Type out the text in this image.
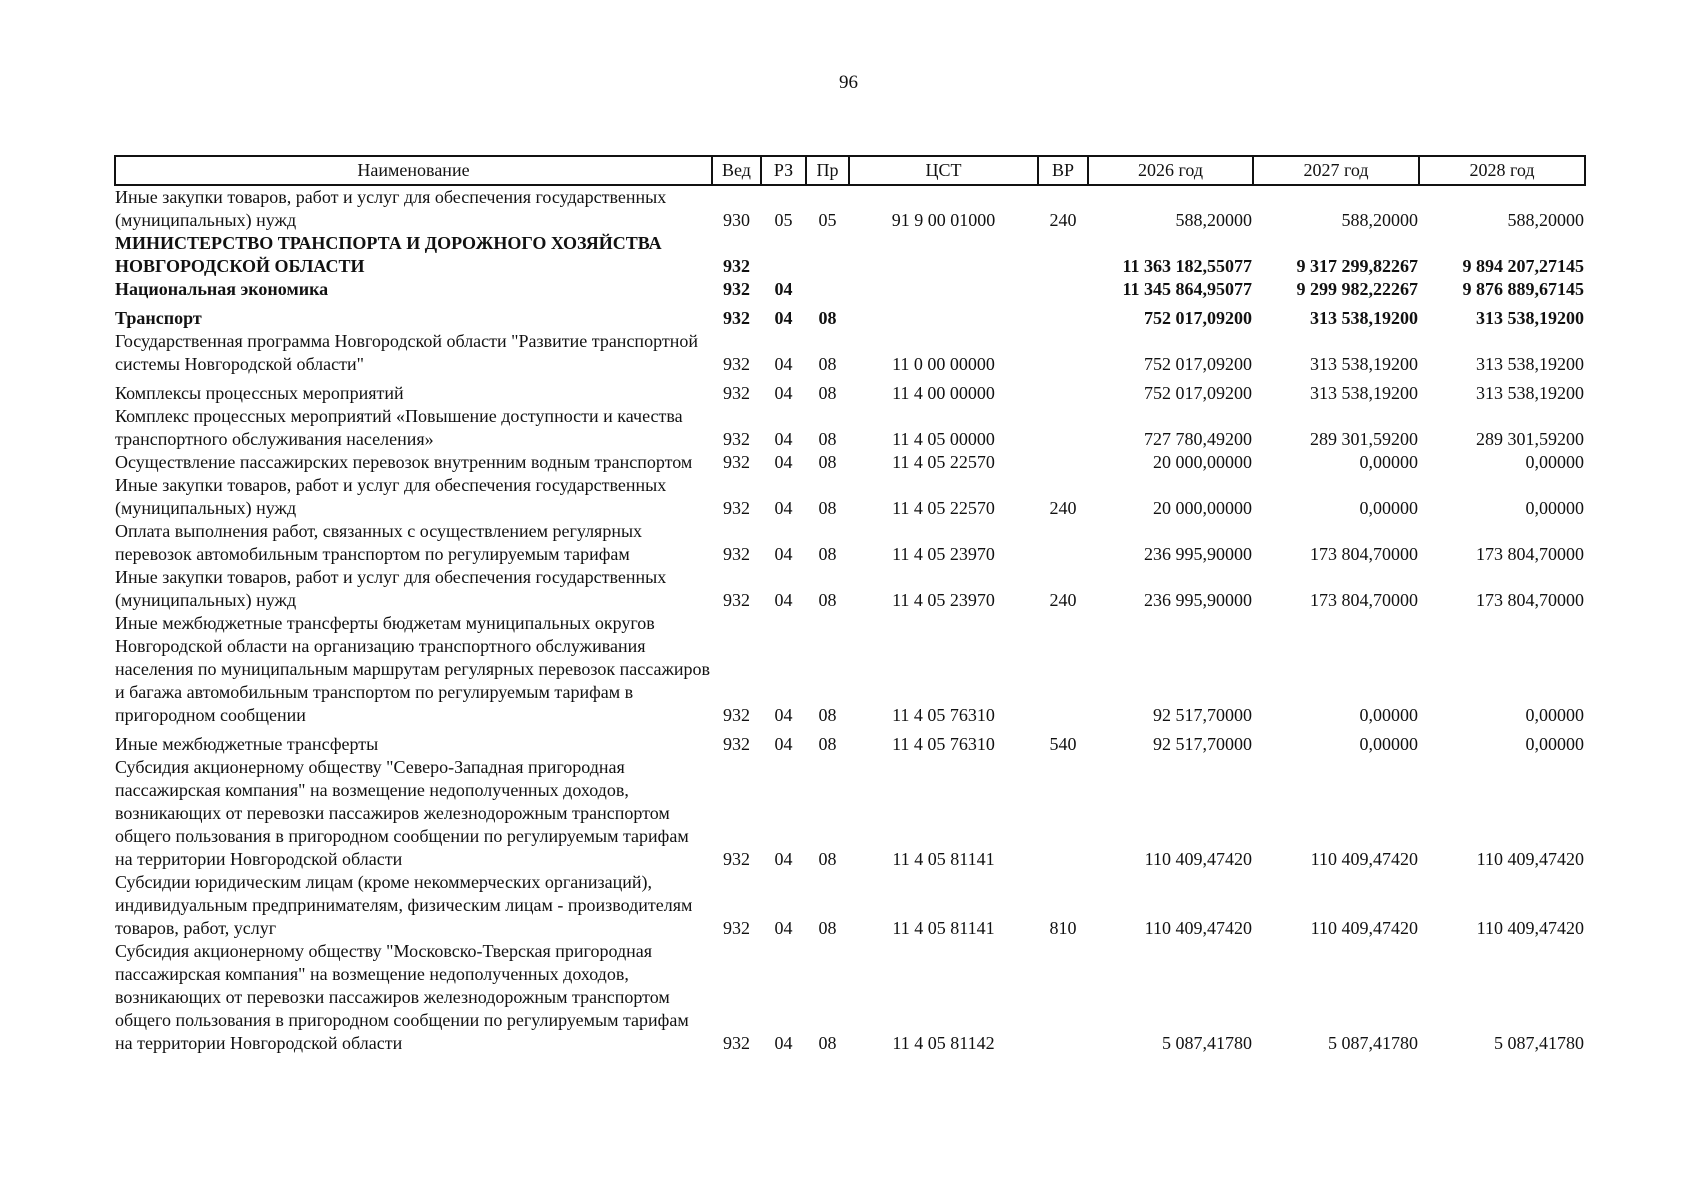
96
Наименование	Вед	РЗ	Пр	ЦСТ	ВР	2026 год	2027 год	2028 год
Иные закупки товаров, работ и услуг для обеспечения государственных (муниципальных) нужд	930	05	05	91 9 00 01000	240	588,20000	588,20000	588,20000
МИНИСТЕРСТВО ТРАНСПОРТА И ДОРОЖНОГО ХОЗЯЙСТВА НОВГОРОДСКОЙ ОБЛАСТИ	932					11 363 182,55077	9 317 299,82267	9 894 207,27145
Национальная экономика	932	04				11 345 864,95077	9 299 982,22267	9 876 889,67145
Транспорт	932	04	08			752 017,09200	313 538,19200	313 538,19200
Государственная программа Новгородской области "Развитие транспортной системы Новгородской области"	932	04	08	11 0 00 00000		752 017,09200	313 538,19200	313 538,19200
Комплексы процессных мероприятий	932	04	08	11 4 00 00000		752 017,09200	313 538,19200	313 538,19200
Комплекс процессных мероприятий «Повышение доступности и качества транспортного обслуживания населения»	932	04	08	11 4 05 00000		727 780,49200	289 301,59200	289 301,59200
Осуществление пассажирских перевозок внутренним водным транспортом	932	04	08	11 4 05 22570		20 000,00000	0,00000	0,00000
Иные закупки товаров, работ и услуг для обеспечения государственных (муниципальных) нужд	932	04	08	11 4 05 22570	240	20 000,00000	0,00000	0,00000
Оплата выполнения работ, связанных с осуществлением регулярных перевозок автомобильным транспортом по регулируемым тарифам	932	04	08	11 4 05 23970		236 995,90000	173 804,70000	173 804,70000
Иные закупки товаров, работ и услуг для обеспечения государственных (муниципальных) нужд	932	04	08	11 4 05 23970	240	236 995,90000	173 804,70000	173 804,70000
Иные межбюджетные трансферты бюджетам муниципальных округов Новгородской области на организацию транспортного обслуживания населения по муниципальным маршрутам регулярных перевозок пассажиров и багажа автомобильным транспортом по регулируемым тарифам в пригородном сообщении	932	04	08	11 4 05 76310		92 517,70000	0,00000	0,00000
Иные межбюджетные трансферты	932	04	08	11 4 05 76310	540	92 517,70000	0,00000	0,00000
Субсидия акционерному обществу "Северо-Западная пригородная пассажирская компания" на возмещение недополученных доходов, возникающих от перевозки пассажиров железнодорожным транспортом общего пользования в пригородном сообщении по регулируемым тарифам на территории Новгородской области	932	04	08	11 4 05 81141		110 409,47420	110 409,47420	110 409,47420
Субсидии юридическим лицам (кроме некоммерческих организаций), индивидуальным предпринимателям, физическим лицам - производителям товаров, работ, услуг	932	04	08	11 4 05 81141	810	110 409,47420	110 409,47420	110 409,47420
Субсидия акционерному обществу "Московско-Тверская пригородная пассажирская компания" на возмещение недополученных доходов, возникающих от перевозки пассажиров железнодорожным транспортом общего пользования в пригородном сообщении по регулируемым тарифам на территории Новгородской области	932	04	08	11 4 05 81142		5 087,41780	5 087,41780	5 087,41780
